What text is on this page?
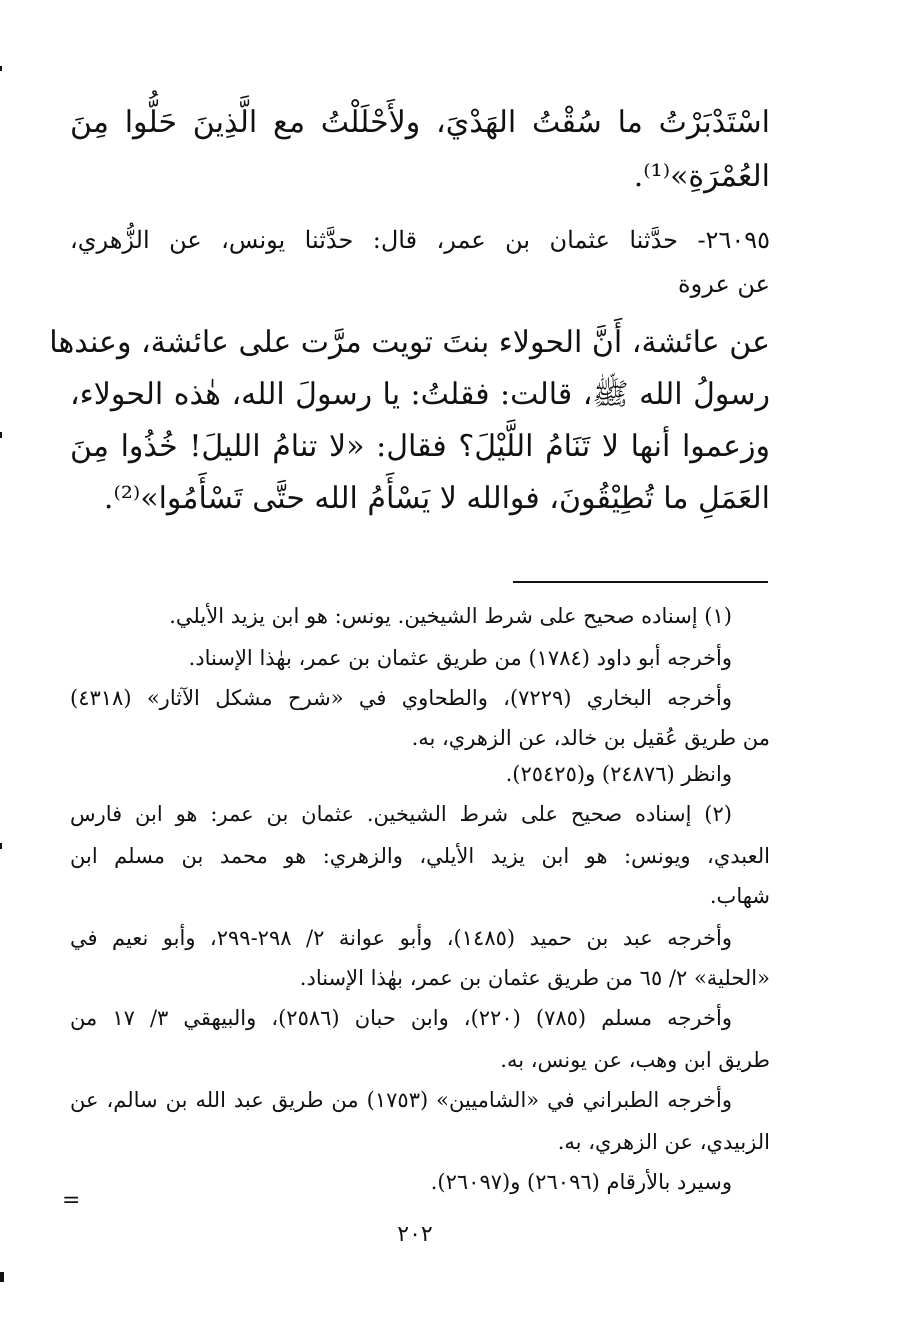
اسْتَدْبَرْتُ ما سُقْتُ الهَدْيَ، ولأَحْلَلْتُ مع الَّذِينَ حَلُّوا مِنَ
العُمْرَةِ»⁽¹⁾.
٢٦٠٩٥- حدَّثنا عثمان بن عمر، قال: حدَّثنا يونس، عن الزُّهري،
عن عروة
عن عائشة، أَنَّ الحولاء بنتَ تويت مرَّت على عائشة، وعندها
رسولُ الله ﷺ، قالت: فقلتُ: يا رسولَ الله، هٰذه الحولاء،
وزعموا أنها لا تَنَامُ اللَّيْلَ؟ فقال: «لا تنامُ الليلَ! خُذُوا مِنَ
العَمَلِ ما تُطِيْقُونَ، فوالله لا يَسْأَمُ الله حتَّى تَسْأَمُوا»⁽²⁾.
(١) إسناده صحيح على شرط الشيخين. يونس: هو ابن يزيد الأيلي.
وأخرجه أبو داود (١٧٨٤) من طريق عثمان بن عمر، بهٰذا الإسناد.
وأخرجه البخاري (٧٢٢٩)، والطحاوي في «شرح مشكل الآثار» (٤٣١٨)
من طريق عُقيل بن خالد، عن الزهري، به.
وانظر (٢٤٨٧٦) و(٢٥٤٢٥).
(٢) إسناده صحيح على شرط الشيخين. عثمان بن عمر: هو ابن فارس
العبدي، ويونس: هو ابن يزيد الأيلي، والزهري: هو محمد بن مسلم ابن
شهاب.
وأخرجه عبد بن حميد (١٤٨٥)، وأبو عوانة ٢/ ٢٩٨-٢٩٩، وأبو نعيم في
«الحلية» ٢/ ٦٥ من طريق عثمان بن عمر، بهٰذا الإسناد.
وأخرجه مسلم (٧٨٥) (٢٢٠)، وابن حبان (٢٥٨٦)، والبيهقي ٣/ ١٧ من
طريق ابن وهب، عن يونس، به.
وأخرجه الطبراني في «الشاميين» (١٧٥٣) من طريق عبد الله بن سالم، عن
الزبيدي، عن الزهري، به.
وسيرد بالأرقام (٢٦٠٩٦) و(٢٦٠٩٧).
=
٢٠٢
